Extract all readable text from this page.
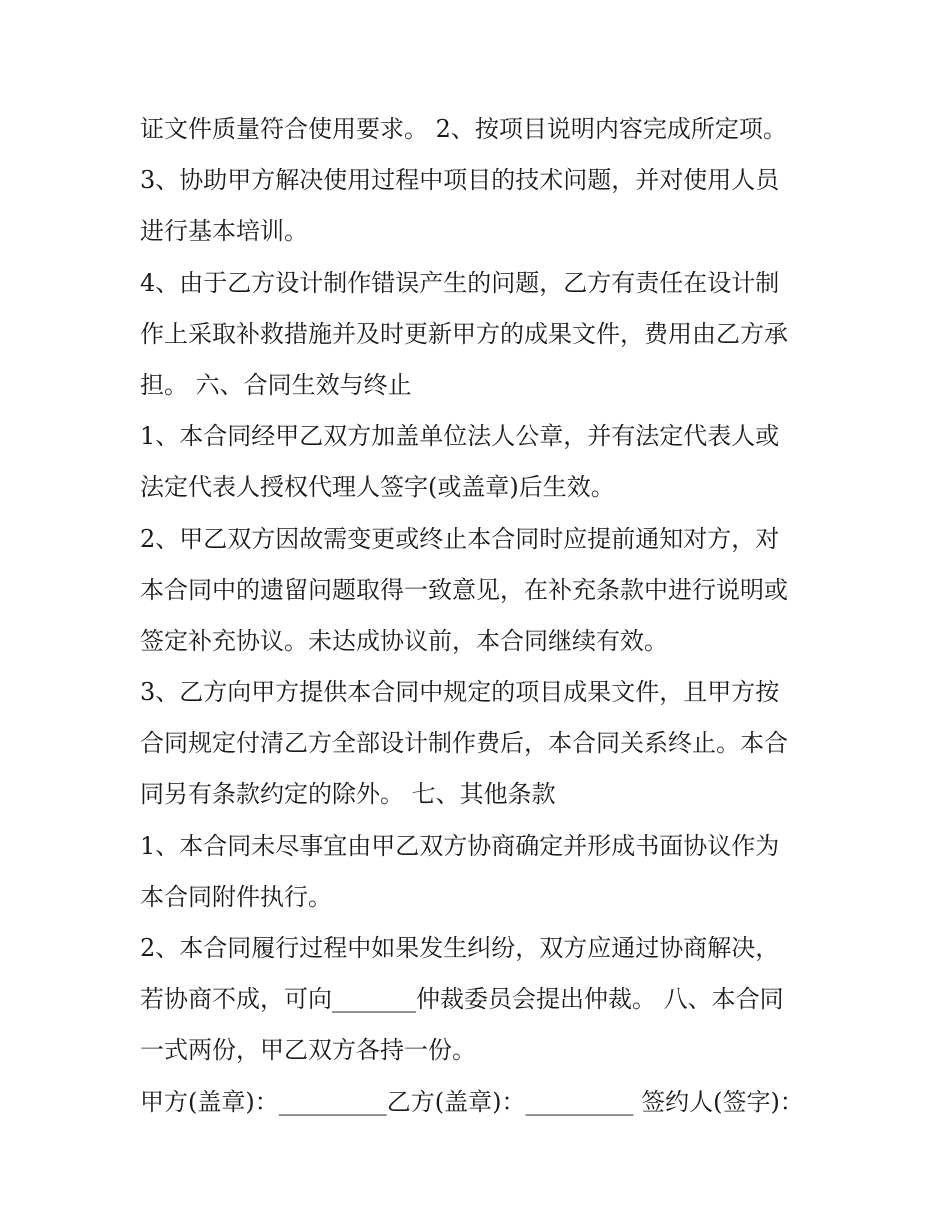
证文件质量符合使用要求。 2、按项目说明内容完成所定项。
3、协助甲方解决使用过程中项目的技术问题，并对使用人员
进行基本培训。
4、由于乙方设计制作错误产生的问题，乙方有责任在设计制
作上采取补救措施并及时更新甲方的成果文件，费用由乙方承
担。 六、合同生效与终止
1、本合同经甲乙双方加盖单位法人公章，并有法定代表人或
法定代表人授权代理人签字(或盖章)后生效。
2、甲乙双方因故需变更或终止本合同时应提前通知对方，对
本合同中的遗留问题取得一致意见，在补充条款中进行说明或
签定补充协议。未达成协议前，本合同继续有效。
3、乙方向甲方提供本合同中规定的项目成果文件，且甲方按
合同规定付清乙方全部设计制作费后，本合同关系终止。本合
同另有条款约定的除外。 七、其他条款
1、本合同未尽事宜由甲乙双方协商确定并形成书面协议作为
本合同附件执行。
2、本合同履行过程中如果发生纠纷，双方应通过协商解决，
若协商不成，可向_______仲裁委员会提出仲裁。 八、本合同
一式两份，甲乙双方各持一份。
甲方(盖章)：_________乙方(盖章)：_________ 签约人(签字)：
